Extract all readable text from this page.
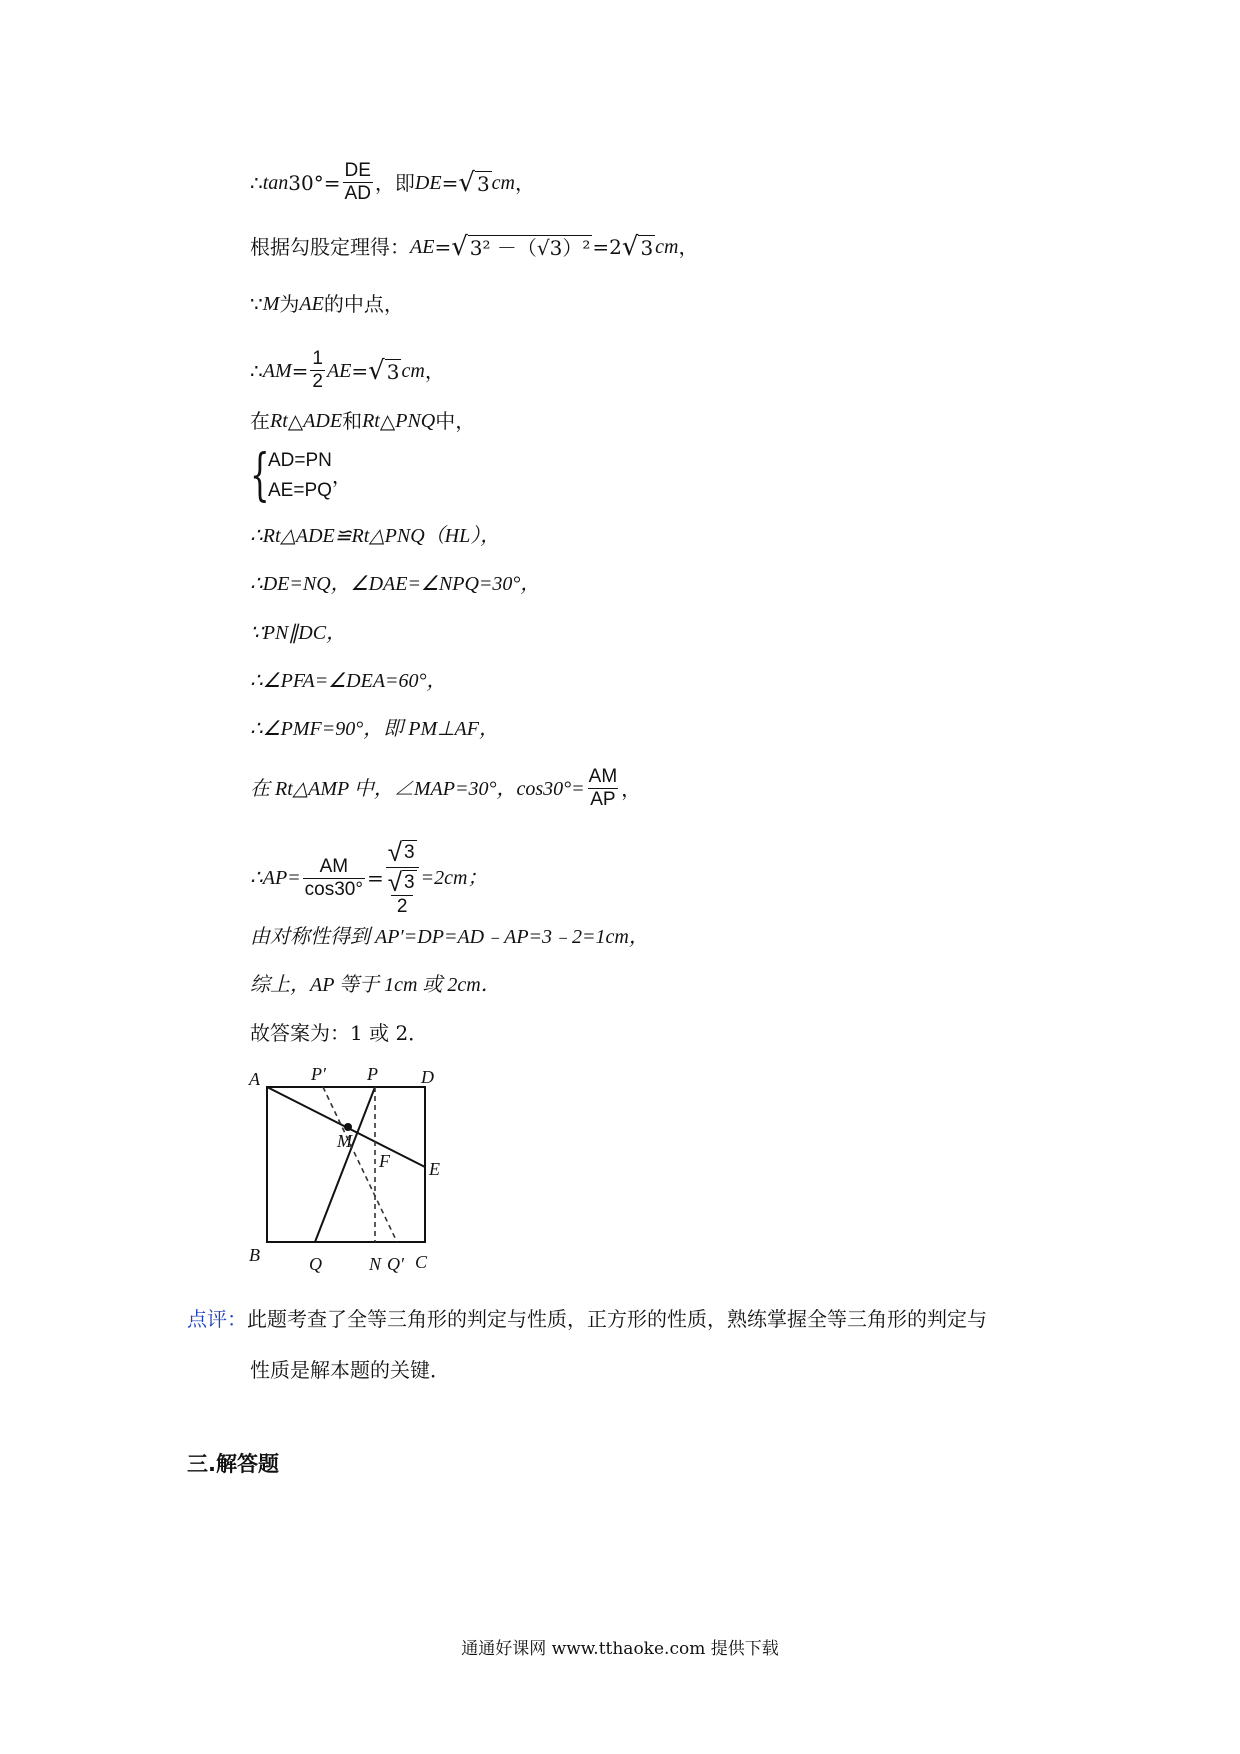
∴ $\tan 30^\circ= \frac{DE}{AD}$ ，即 DE = √ 3 cm ，
根据勾股定理得： AE = √ 3² －（√3）² =2 √ 3 cm ，
∵ M 为 AE 的中点，
∴ AM = $\frac{1}{2}$ AE = √ 3 cm ，
在 Rt △ ADE 和 Rt △ PNQ 中，
{
AD=PN
AE=PQ
，
∴Rt△ADE≌Rt△PNQ（HL），
∴DE=NQ，∠DAE=∠NPQ=30°，
∵PN∥DC，
∴∠PFA=∠DEA=60°，
∴∠PMF=90°，即 PM⊥AF，
在 Rt△AMP 中，∠MAP=30°，$\cos 30^\circ= \frac{AM}{AP}$ ，
∴AP= $\frac{AM}{\cos 30^\circ}$ = √ 3
√ 3
2 =2cm；
由对称性得到 AP′=DP=AD﹣AP=3﹣2=1cm，
综上，AP 等于 1cm 或 2cm．
故答案为：1 或 2．
A	P′ P D
M
F E
B	Q	N Q′ C
点评：此题考查了全等三角形的判定与性质，正方形的性质，熟练掌握全等三角形的判定与
性质是解本题的关键．
三.解答题
通通好课网 www.tthaoke.com 提供下载
